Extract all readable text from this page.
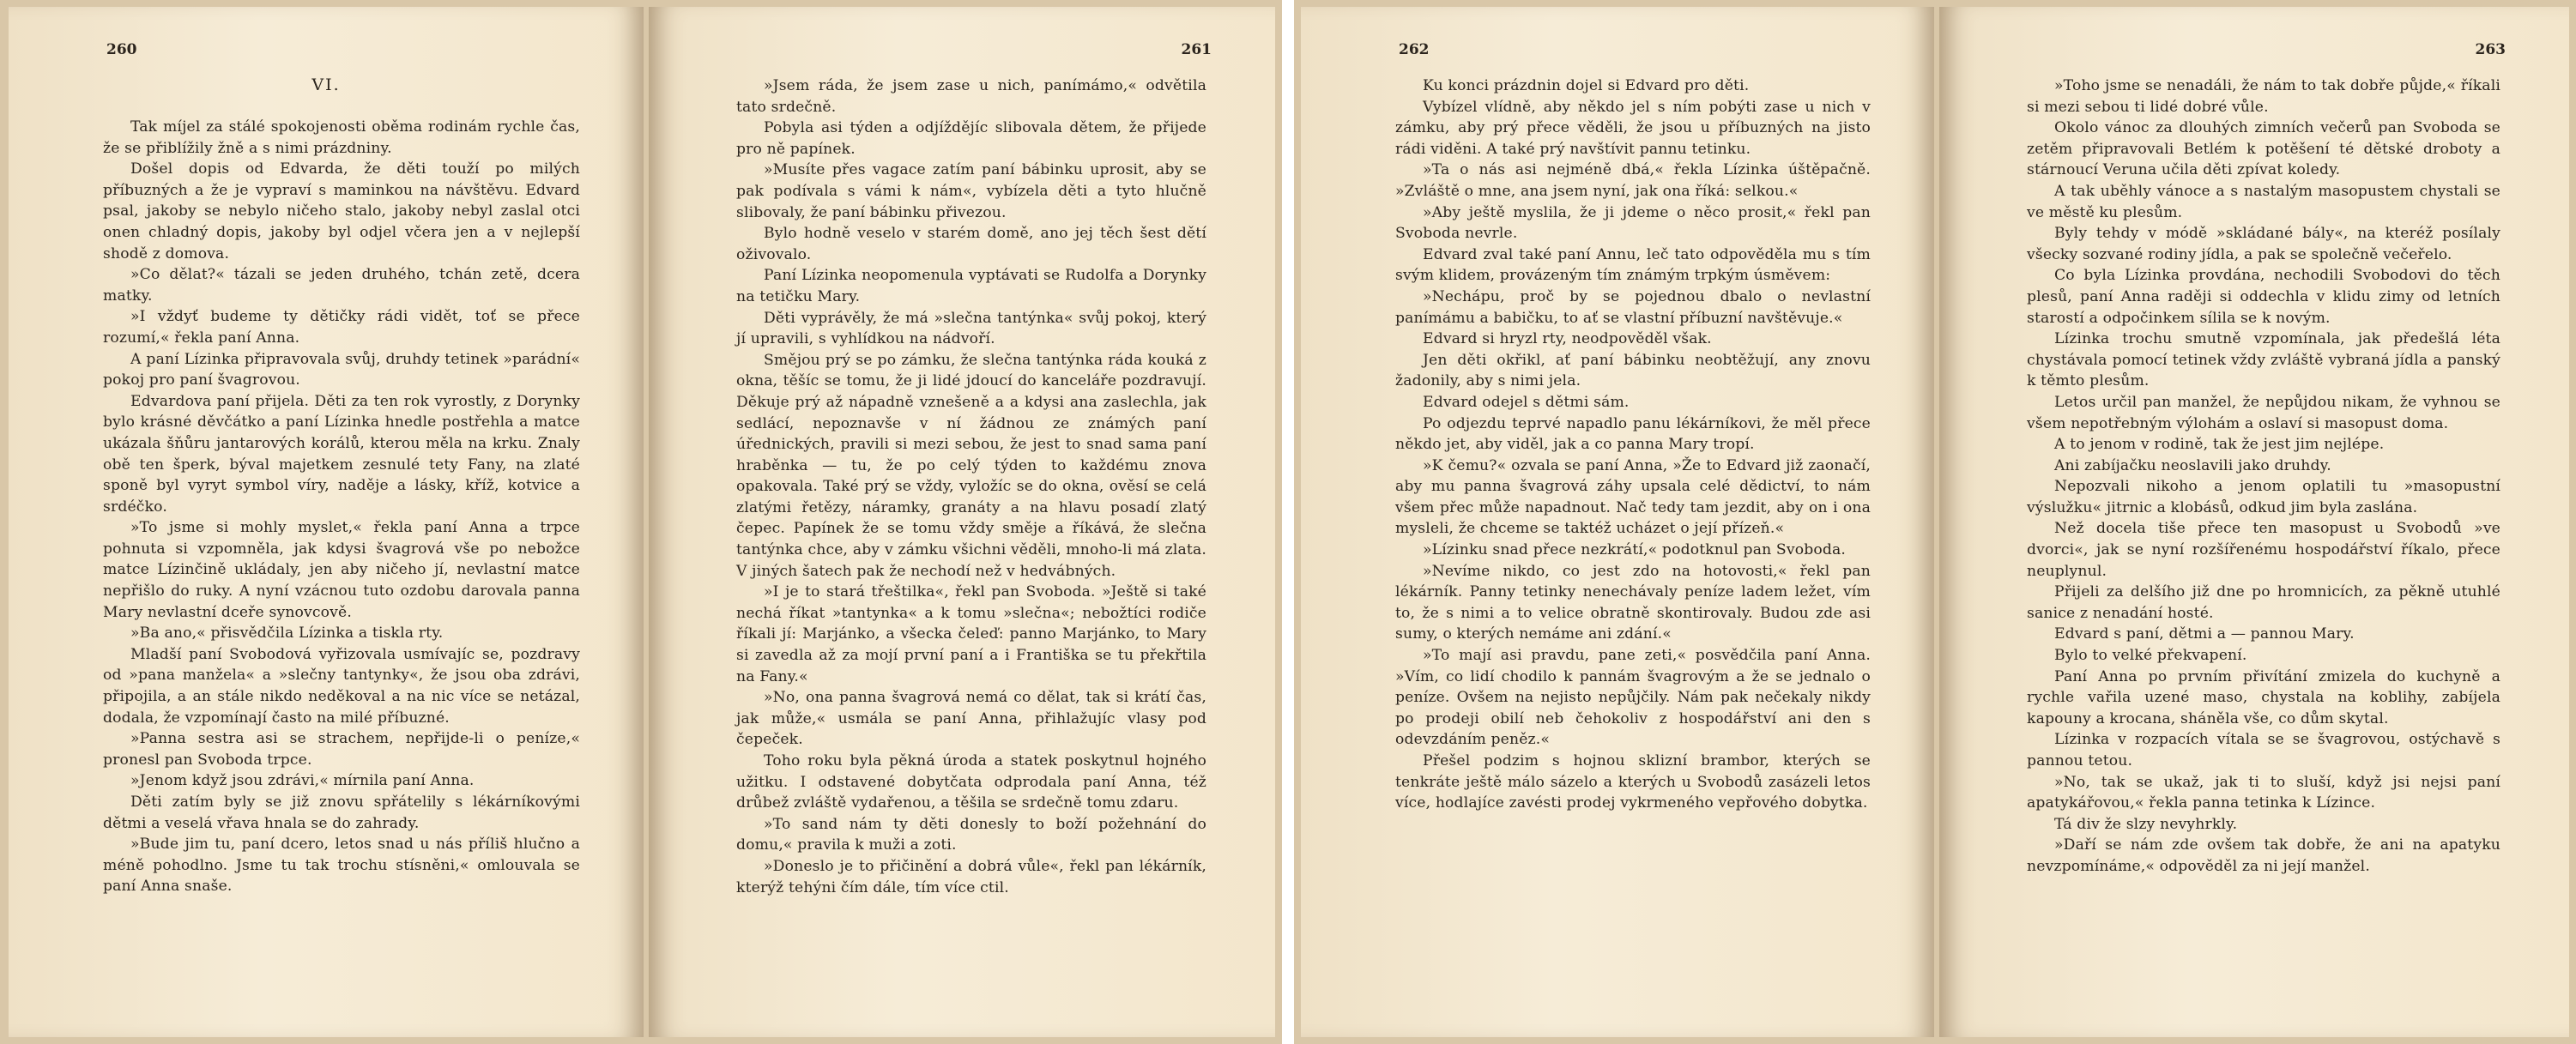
260
VI.

Tak míjel za stálé spokojenosti oběma rodinám rychle čas, že se přiblížily žně a s nimi prázdniny.

Došel dopis od Edvarda, že děti touží po milých příbuzných a že je vypraví s maminkou na návštěvu. Edvard psal, jakoby se nebylo ničeho stalo, jakoby nebyl zaslal otci onen chladný dopis, jakoby byl odjel včera jen a v nejlepší shodě z domova.

»Co dělat?« tázali se jeden druhého, tchán zetě, dcera matky.

»I vždyť budeme ty dětičky rádi vidět, toť se přece rozumí,« řekla paní Anna.

A paní Lízinka připravovala svůj, druhdy tetinek »parádní« pokoj pro paní švagrovou.

Edvardova paní přijela. Děti za ten rok vyrostly, z Dorynky bylo krásné děvčátko a paní Lízinka hnedle postřehla a matce ukázala šňůru jantarových korálů, kterou měla na krku. Znaly obě ten šperk, býval majetkem zesnulé tety Fany, na zlaté sponě byl vyryt symbol víry, naděje a lásky, kříž, kotvice a srdéčko.

»To jsme si mohly myslet,« řekla paní Anna a trpce pohnuta si vzpomněla, jak kdysi švagrová vše po nebožce matce Lízinčině ukládaly, jen aby ničeho jí, nevlastní matce nepřišlo do ruky. A nyní vzácnou tuto ozdobu darovala panna Mary nevlastní dceře synovcově.

»Ba ano,« přisvědčila Lízinka a tiskla rty.

Mladší paní Svobodová vyřizovala usmívajíc se, pozdravy od »pana manžela« a »slečny tantynky«, že jsou oba zdrávi, připojila, a an stále nikdo neděkoval a na nic více se netázal, dodala, že vzpomínají často na milé příbuzné.

»Panna sestra asi se strachem, nepřijde-li o peníze,« pronesl pan Svoboda trpce.

»Jenom když jsou zdrávi,« mírnila paní Anna.

Děti zatím byly se již znovu spřátelily s lékárníkovými dětmi a veselá vřava hnala se do zahrady.

»Bude jim tu, paní dcero, letos snad u nás příliš hlučno a méně pohodlno. Jsme tu tak trochu stísněni,« omlouvala se paní Anna snaše.

261

»Jsem ráda, že jsem zase u nich, panímámo,« odvětila tato srdečně.

Pobyla asi týden a odjíždějíc slibovala dětem, že přijede pro ně papínek.

»Musíte přes vagace zatím paní bábinku uprosit, aby se pak podívala s vámi k nám«, vybízela děti a tyto hlučně slibovaly, že paní bábinku přivezou.

Bylo hodně veselo v starém domě, ano jej těch šest dětí oživovalo.

Paní Lízinka neopomenula vyptávati se Rudolfa a Dorynky na tetičku Mary.

Děti vyprávěly, že má »slečna tantýnka« svůj pokoj, který jí upravili, s vyhlídkou na nádvoří.

Smějou prý se po zámku, že slečna tantýnka ráda kouká z okna, těšíc se tomu, že ji lidé jdoucí do kanceláře pozdravují. Děkuje prý až nápadně vznešeně a a kdysi ana zaslechla, jak sedlácí, nepoznavše v ní žádnou ze známých paní úřednických, pravili si mezi sebou, že jest to snad sama paní hraběnka — tu, že po celý týden to každému znova opakovala. Také prý se vždy, vyložíc se do okna, ověsí se celá zlatými řetězy, náramky, granáty a na hlavu posadí zlatý čepec. Papínek že se tomu vždy směje a říkává, že slečna tantýnka chce, aby v zámku všichni věděli, mnoho-li má zlata. V jiných šatech pak že nechodí než v hedvábných.

»I je to stará třeštilka«, řekl pan Svoboda. »Ještě si také nechá říkat »tantynka« a k tomu »slečna«; nebožtíci rodiče říkali jí: Marjánko, a všecka čeleď: panno Marjánko, to Mary si zavedla až za mojí první paní a i Františka se tu překřtila na Fany.«

»No, ona panna švagrová nemá co dělat, tak si krátí čas, jak může,« usmála se paní Anna, přihlažujíc vlasy pod čepeček.

Toho roku byla pěkná úroda a statek poskytnul hojného užitku. I odstavené dobytčata odprodala paní Anna, též drůbež zvláště vydařenou, a těšila se srdečně tomu zdaru.

»To sand nám ty děti donesly to boží požehnání do domu,« pravila k muži a zoti.

»Doneslo je to přičinění a dobrá vůle«, řekl pan lékárník, kterýž tehýni čím dále, tím více ctil.

262

Ku konci prázdnin dojel si Edvard pro děti.

Vybízel vlídně, aby někdo jel s ním pobýti zase u nich v zámku, aby prý přece věděli, že jsou u příbuzných na jisto rádi viděni. A také prý navštívit pannu tetinku.

»Ta o nás asi nejméně dbá,« řekla Lízinka úštěpačně. »Zvláště o mne, ana jsem nyní, jak ona říká: selkou.«

»Aby ještě myslila, že ji jdeme o něco prosit,« řekl pan Svoboda nevrle.

Edvard zval také paní Annu, leč tato odpověděla mu s tím svým klidem, provázeným tím známým trpkým úsměvem:

»Nechápu, proč by se pojednou dbalo o nevlastní panímámu a babičku, to ať se vlastní příbuzní navštěvuje.«

Edvard si hryzl rty, neodpověděl však.

Jen děti okřikl, ať paní bábinku neobtěžují, any znovu žadonily, aby s nimi jela.

Edvard odejel s dětmi sám.

Po odjezdu teprvé napadlo panu lékárníkovi, že měl přece někdo jet, aby viděl, jak a co panna Mary tropí.

»K čemu?« ozvala se paní Anna, »Že to Edvard již zaonačí, aby mu panna švagrová záhy upsala celé dědictví, to nám všem přec může napadnout. Nač tedy tam jezdit, aby on i ona mysleli, že chceme se taktéž ucházet o její přízeň.«

»Lízinku snad přece nezkrátí,« podotknul pan Svoboda.

»Nevíme nikdo, co jest zdo na hotovosti,« řekl pan lékárník. Panny tetinky nenechávaly peníze ladem ležet, vím to, že s nimi a to velice obratně skontirovaly. Budou zde asi sumy, o kterých nemáme ani zdání.«

»To mají asi pravdu, pane zeti,« posvědčila paní Anna. »Vím, co lidí chodilo k pannám švagrovým a že se jednalo o peníze. Ovšem na nejisto nepůjčily. Nám pak nečekaly nikdy po prodeji obilí neb čehokoliv z hospodářství ani den s odevzdáním peněz.«

Přešel podzim s hojnou sklizní brambor, kterých se tenkráte ještě málo sázelo a kterých u Svobodů zasázeli letos více, hodlajíce zavésti prodej vykrmeného vepřového dobytka.

263

»Toho jsme se nenadáli, že nám to tak dobře půjde,« říkali si mezi sebou ti lidé dobré vůle.

Okolo vánoc za dlouhých zimních večerů pan Svoboda se zetěm připravovali Betlém k potěšení té dětské droboty a stárnoucí Veruna učila děti zpívat koledy.

A tak uběhly vánoce a s nastalým masopustem chystali se ve městě ku plesům.

Byly tehdy v módě »skládané bály«, na kteréž posílaly všecky sozvané rodiny jídla, a pak se společně večeřelo.

Co byla Lízinka provdána, nechodili Svobodovi do těch plesů, paní Anna raději si oddechla v klidu zimy od letních starostí a odpočinkem sílila se k novým.

Lízinka trochu smutně vzpomínala, jak předešlá léta chystávala pomocí tetinek vždy zvláště vybraná jídla a panský k těmto plesům.

Letos určil pan manžel, že nepůjdou nikam, že vyhnou se všem nepotřebným výlohám a oslaví si masopust doma.

A to jenom v rodině, tak že jest jim nejlépe.

Ani zabíjačku neoslavili jako druhdy.

Nepozvali nikoho a jenom oplatili tu »masopustní výslužku« jitrnic a klobásů, odkud jim byla zaslána.

Než docela tiše přece ten masopust u Svobodů »ve dvorci«, jak se nyní rozšířenému hospodářství říkalo, přece neuplynul.

Přijeli za delšího již dne po hromnicích, za pěkně utuhlé sanice z nenadání hosté.

Edvard s paní, dětmi a — pannou Mary.

Bylo to velké překvapení.

Paní Anna po prvním přivítání zmizela do kuchyně a rychle vařila uzené maso, chystala na koblihy, zabíjela kapouny a krocana, sháněla vše, co dům skytal.

Lízinka v rozpacích vítala se se švagrovou, ostýchavě s pannou tetou.

»No, tak se ukaž, jak ti to sluší, když jsi nejsi paní apatykářovou,« řekla panna tetinka k Lízince.

Tá div že slzy nevyhrkly.

»Daří se nám zde ovšem tak dobře, že ani na apatyku nevzpomínáme,« odpověděl za ni její manžel.
